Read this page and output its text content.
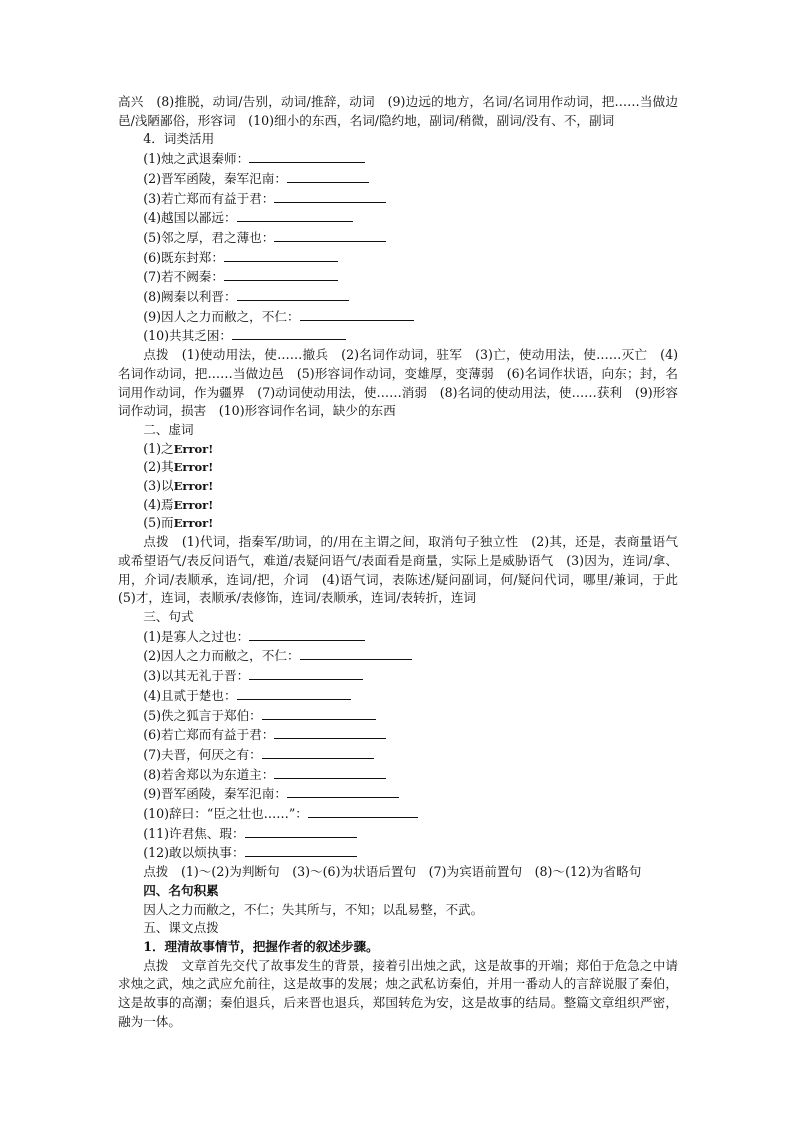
高兴　(8)推脱，动词/告别，动词/推辞，动词　(9)边远的地方，名词/名词用作动词，把……当做边邑/浅陋鄙俗，形容词　(10)细小的东西，名词/隐约地，副词/稍微，副词/没有、不，副词

4．词类活用

(1)烛之武退秦师：

(2)晋军函陵，秦军氾南：

(3)若亡郑而有益于君：

(4)越国以鄙远：

(5)邻之厚，君之薄也：

(6)既东封郑：

(7)若不阙秦：

(8)阙秦以利晋：

(9)因人之力而敝之，不仁：

(10)共其乏困：

点拨　 (1)使动用法，使……撤兵　(2)名词作动词，驻军　(3)亡，使动用法，使……灭亡　(4)名词作动词，把……当做边邑　(5)形容词作动词，变雄厚，变薄弱　(6)名词作状语，向东；封，名词用作动词，作为疆界　(7)动词使动用法，使……消弱　(8)名词的使动用法，使……获利　(9)形容词作动词，损害　(10)形容词作名词，缺少的东西

二、虚词

(1)之Error!

(2)其Error!

(3)以Error!

(4)焉Error!

(5)而Error!

点拨　 (1)代词，指秦军/助词，的/用在主谓之间，取消句子独立性　(2)其，还是，表商量语气或希望语气/表反问语气，难道/表疑问语气/表面看是商量，实际上是威胁语气　(3)因为，连词/拿、用，介词/表顺承，连词/把，介词　(4)语气词，表陈述/疑问副词，何/疑问代词，哪里/兼词，于此　(5)才，连词，表顺承/表修饰，连词/表顺承，连词/表转折，连词

三、句式

(1)是寡人之过也：

(2)因人之力而敝之，不仁：

(3)以其无礼于晋：

(4)且贰于楚也：

(5)佚之狐言于郑伯：

(6)若亡郑而有益于君：

(7)夫晋，何厌之有：

(8)若舍郑以为东道主：

(9)晋军函陵，秦军氾南：

(10)辞曰：“臣之壮也……”：

(11)许君焦、瑕：

(12)敢以烦执事：

点拨　 (1)～(2)为判断句　(3)～(6)为状语后置句　(7)为宾语前置句　(8)～(12)为省略句

四、名句积累

因人之力而敝之，不仁；失其所与，不知；以乱易整，不武。

五、课文点拨

1．理清故事情节，把握作者的叙述步骤。

点拨　 文章首先交代了故事发生的背景，接着引出烛之武，这是故事的开端；郑伯于危急之中请求烛之武，烛之武应允前往，这是故事的发展；烛之武私访秦伯，并用一番动人的言辞说服了秦伯，这是故事的高潮；秦伯退兵，后来晋也退兵，郑国转危为安，这是故事的结局。整篇文章组织严密，融为一体。
